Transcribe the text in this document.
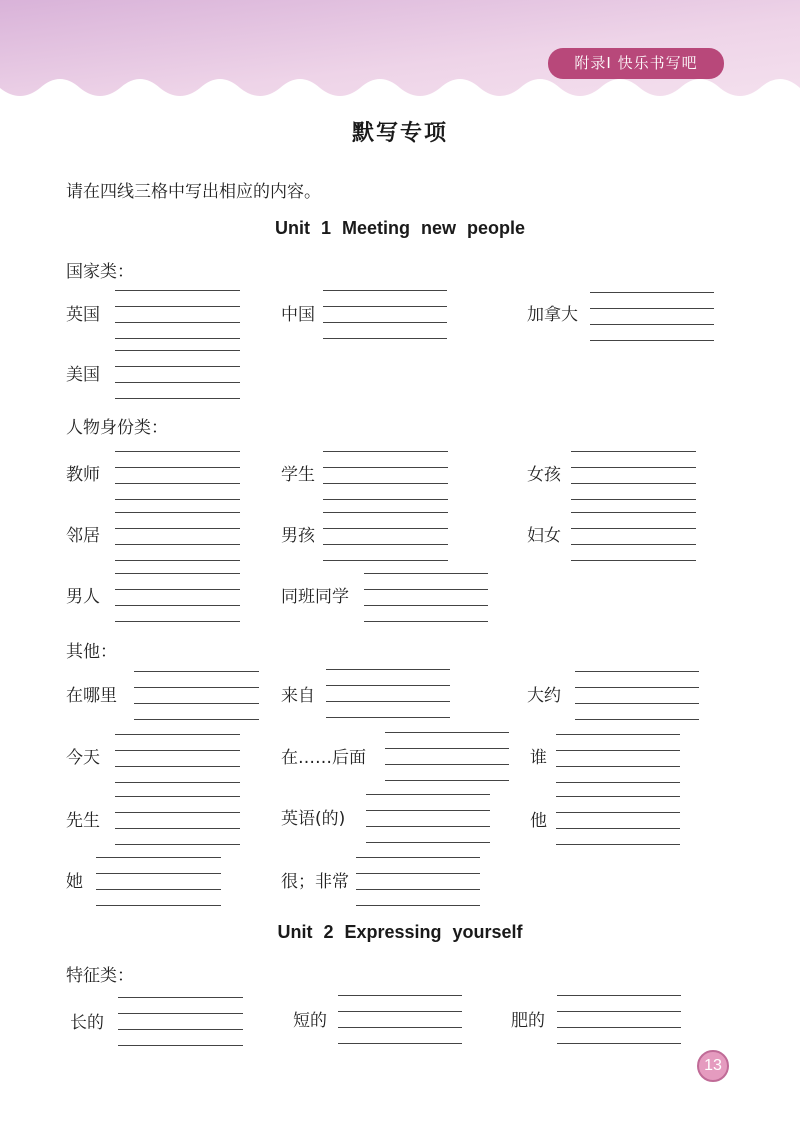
附录Ⅰ 快乐书写吧
默写专项
请在四线三格中写出相应的内容。
Unit 1 Meeting new people
国家类：
英国	中国	加拿大
美国
人物身份类：
教师	学生	女孩
邻居	男孩	妇女
男人	同班同学
其他：
在哪里	来自	大约
今天	在……后面	谁
先生	英语(的)	他
她	很；非常
Unit 2 Expressing yourself
特征类：
长的	短的	肥的
13
